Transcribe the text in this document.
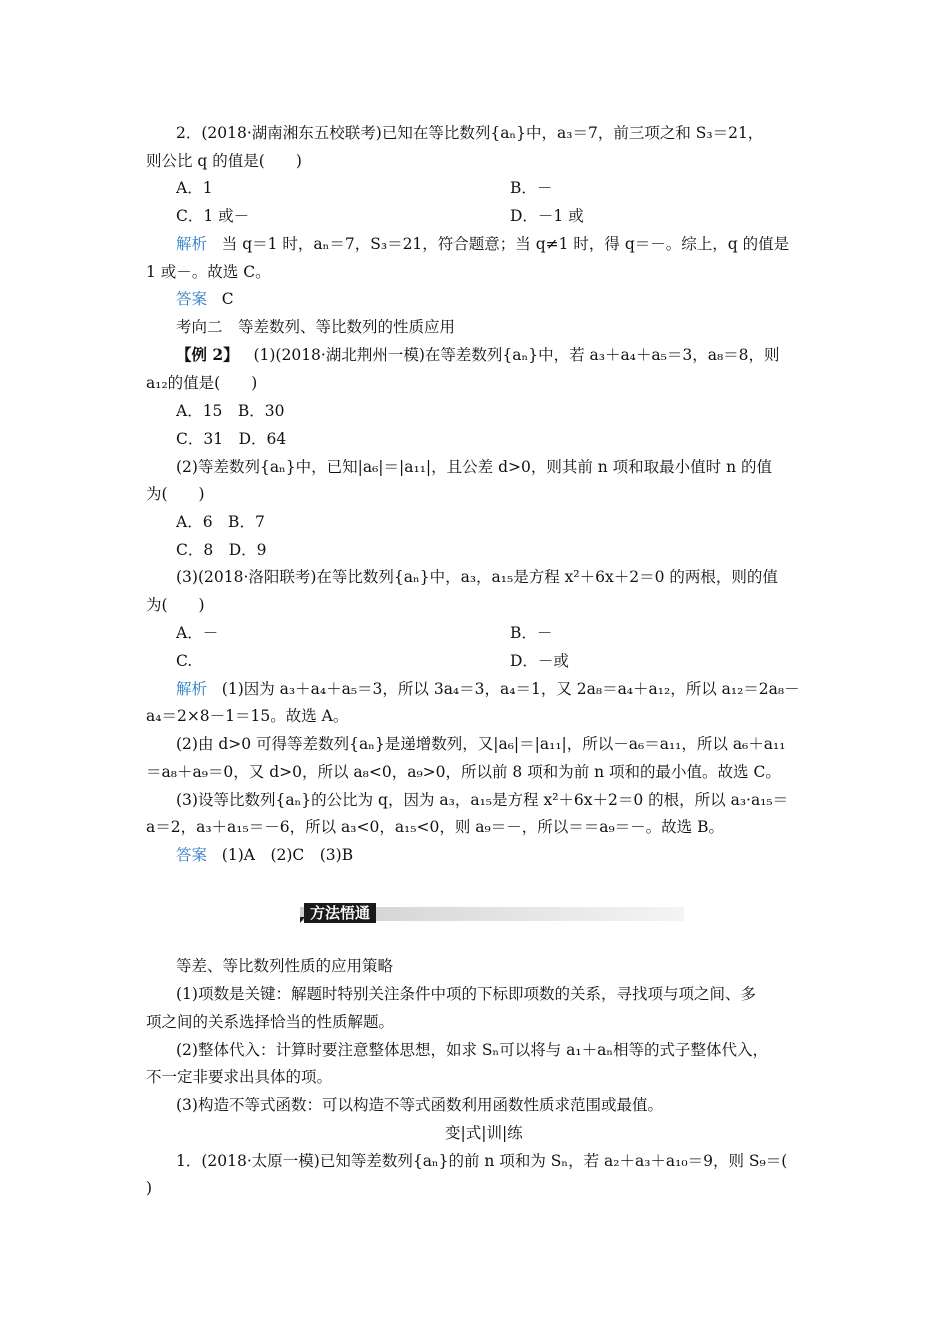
2．(2018·湖南湘东五校联考)已知在等比数列{aₙ}中，a₃＝7，前三项之和 S₃＝21，
则公比 q 的值是(　　)
A．1	B．－
C．1 或－	D．－1 或
解析 当 q＝1 时，aₙ＝7，S₃＝21，符合题意；当 q≠1 时，得 q＝－。综上，q 的值是
1 或－。故选 C。
答案 C
考向二　等差数列、等比数列的性质应用
【例 2】 (1)(2018·湖北荆州一模)在等差数列{aₙ}中，若 a₃＋a₄＋a₅＝3，a₈＝8，则
a₁₂的值是(　　)
A．15　B．30
C．31　D．64
(2)等差数列{aₙ}中，已知|a₆|＝|a₁₁|，且公差 d>0，则其前 n 项和取最小值时 n 的值
为(　　)
A．6　B．7
C．8　D．9
(3)(2018·洛阳联考)在等比数列{aₙ}中，a₃，a₁₅是方程 x²＋6x＋2＝0 的两根，则的值
为(　　)
A．－	B．－
C.	D．－或
解析 (1)因为 a₃＋a₄＋a₅＝3，所以 3a₄＝3，a₄＝1，又 2a₈＝a₄＋a₁₂，所以 a₁₂＝2a₈－
a₄＝2×8－1＝15。故选 A。
(2)由 d>0 可得等差数列{aₙ}是递增数列，又|a₆|＝|a₁₁|，所以－a₆＝a₁₁，所以 a₆＋a₁₁
＝a₈＋a₉＝0，又 d>0，所以 a₈<0，a₉>0，所以前 8 项和为前 n 项和的最小值。故选 C。
(3)设等比数列{aₙ}的公比为 q，因为 a₃，a₁₅是方程 x²＋6x＋2＝0 的根，所以 a₃·a₁₅＝
a＝2，a₃＋a₁₅＝－6，所以 a₃<0，a₁₅<0，则 a₉＝－，所以＝＝a₉＝－。故选 B。
答案 (1)A　(2)C　(3)B
方法悟通
等差、等比数列性质的应用策略
(1)项数是关键：解题时特别关注条件中项的下标即项数的关系，寻找项与项之间、多
项之间的关系选择恰当的性质解题。
(2)整体代入：计算时要注意整体思想，如求 Sₙ可以将与 a₁＋aₙ相等的式子整体代入，
不一定非要求出具体的项。
(3)构造不等式函数：可以构造不等式函数利用函数性质求范围或最值。
变|式|训|练
1．(2018·太原一模)已知等差数列{aₙ}的前 n 项和为 Sₙ，若 a₂＋a₃＋a₁₀＝9，则 S₉＝(
)
